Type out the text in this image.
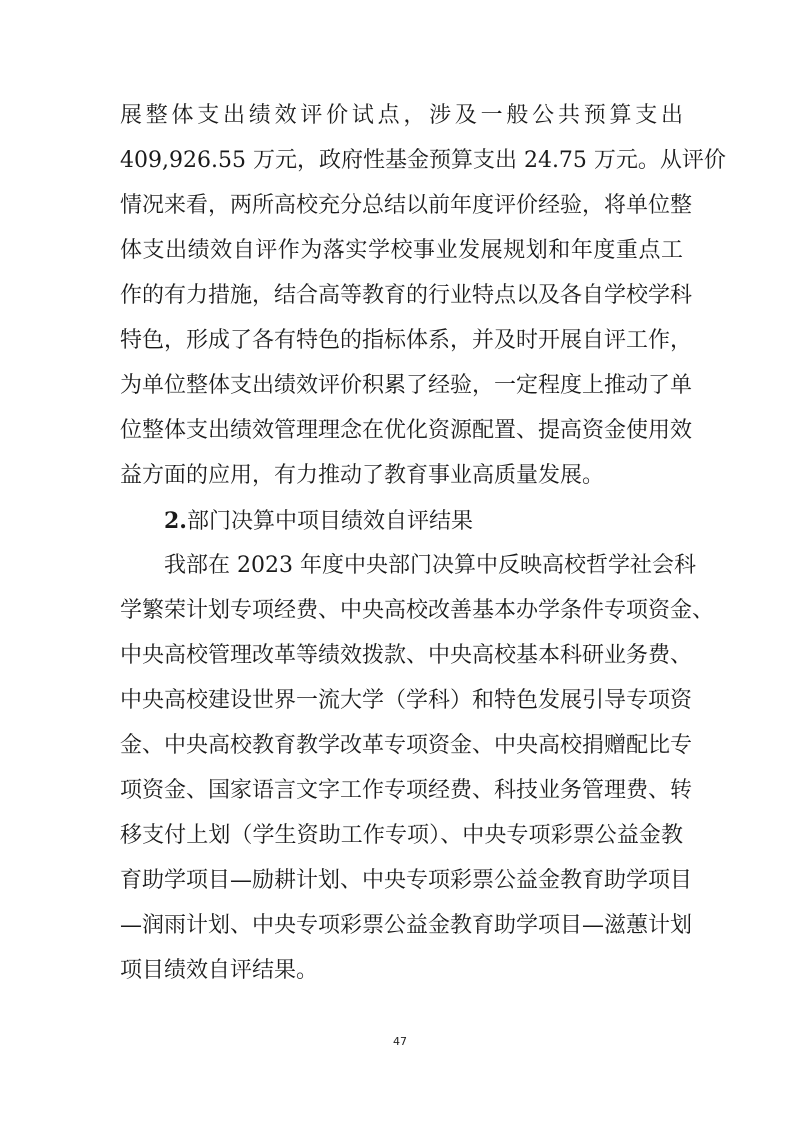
展整体支出绩效评价试点，涉及一般公共预算支出
409,926.55 万元，政府性基金预算支出 24.75 万元。从评价
情况来看，两所高校充分总结以前年度评价经验，将单位整
体支出绩效自评作为落实学校事业发展规划和年度重点工
作的有力措施，结合高等教育的行业特点以及各自学校学科
特色，形成了各有特色的指标体系，并及时开展自评工作，
为单位整体支出绩效评价积累了经验，一定程度上推动了单
位整体支出绩效管理理念在优化资源配置、提高资金使用效
益方面的应用，有力推动了教育事业高质量发展。
2.部门决算中项目绩效自评结果
我部在 2023 年度中央部门决算中反映高校哲学社会科
学繁荣计划专项经费、中央高校改善基本办学条件专项资金、
中央高校管理改革等绩效拨款、中央高校基本科研业务费、
中央高校建设世界一流大学（学科）和特色发展引导专项资
金、中央高校教育教学改革专项资金、中央高校捐赠配比专
项资金、国家语言文字工作专项经费、科技业务管理费、转
移支付上划（学生资助工作专项）、中央专项彩票公益金教
育助学项目—励耕计划、中央专项彩票公益金教育助学项目
—润雨计划、中央专项彩票公益金教育助学项目—滋蕙计划
项目绩效自评结果。
47
